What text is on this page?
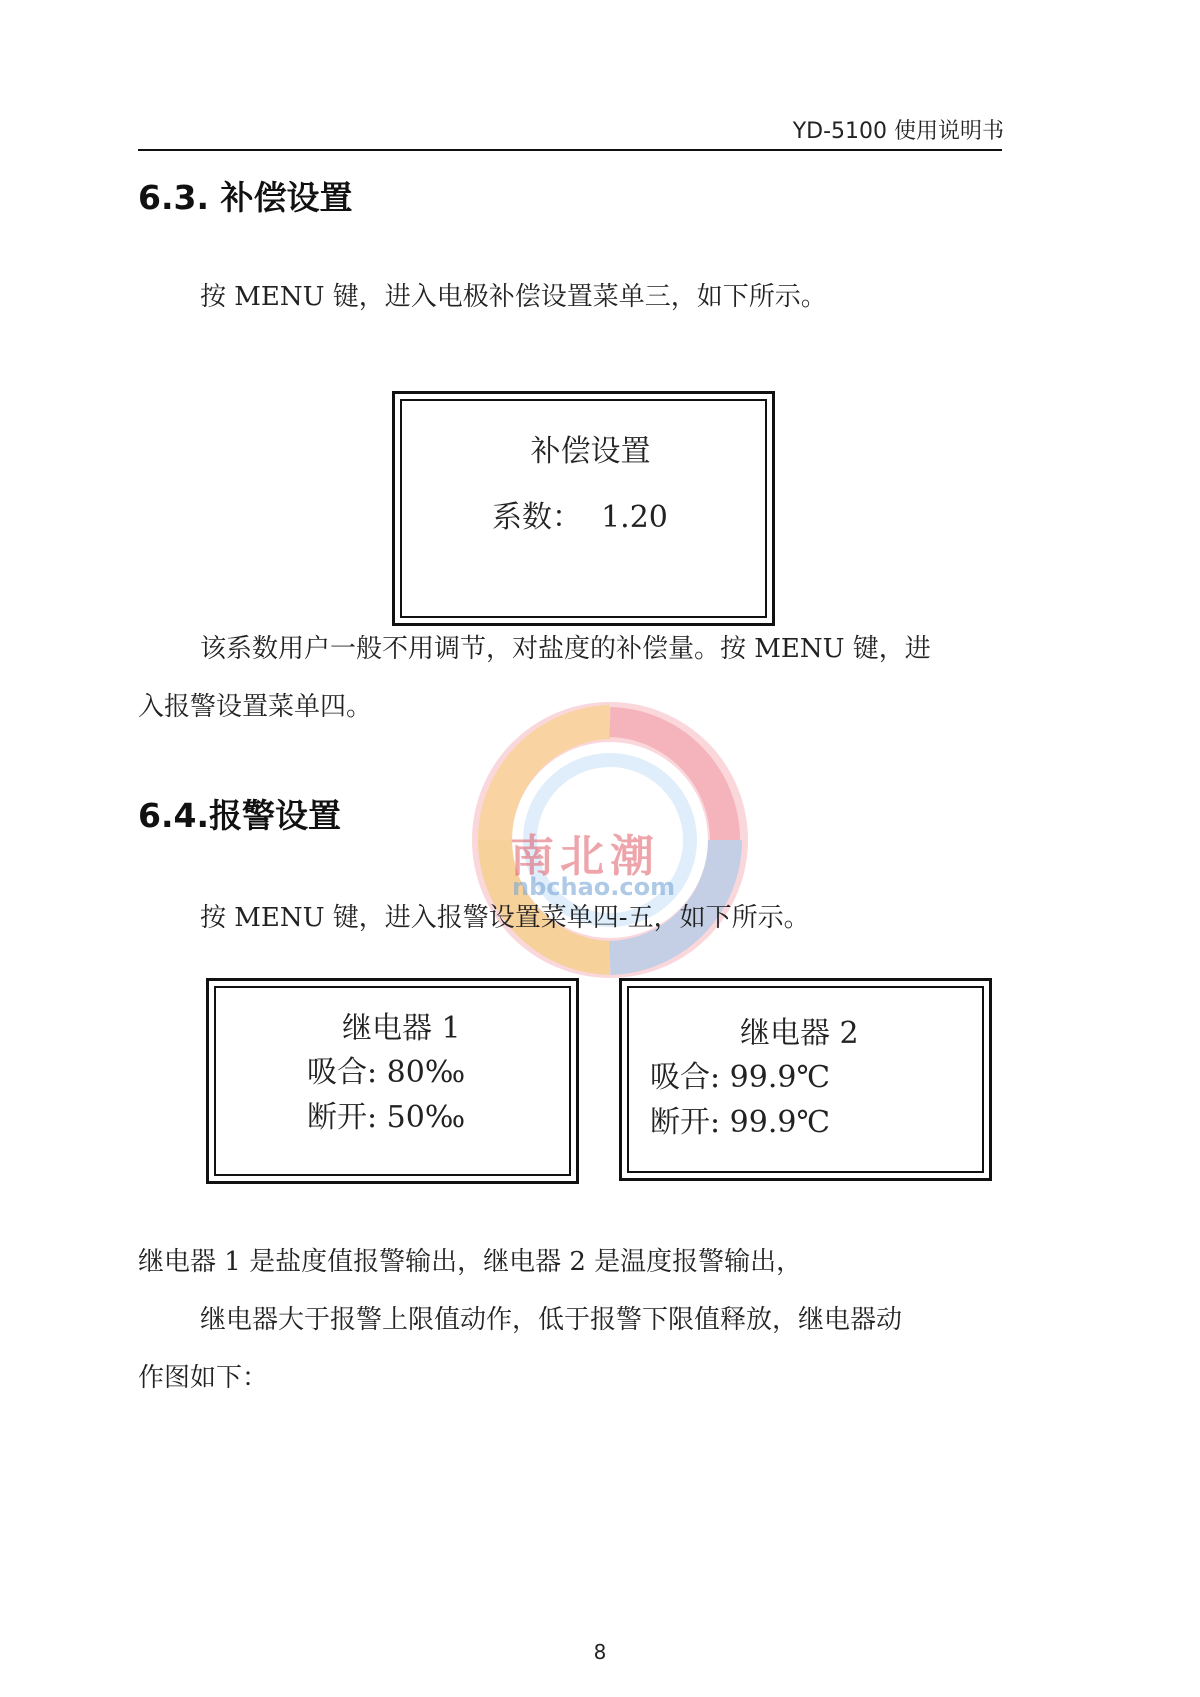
YD-5100 使用说明书
南北潮
nbchao.com
6.3. 补偿设置
按 MENU 键，进入电极补偿设置菜单三，如下所示。
补偿设置
系数：  1.20
该系数用户一般不用调节，对盐度的补偿量。按 MENU 键，进
入报警设置菜单四。
6.4.报警设置
按 MENU 键，进入报警设置菜单四-五，如下所示。
继电器 1
吸合: 80‰
断开: 50‰
继电器 2
吸合: 99.9℃
断开: 99.9℃
继电器 1 是盐度值报警输出，继电器 2 是温度报警输出，
继电器大于报警上限值动作，低于报警下限值释放，继电器动
作图如下：
8
